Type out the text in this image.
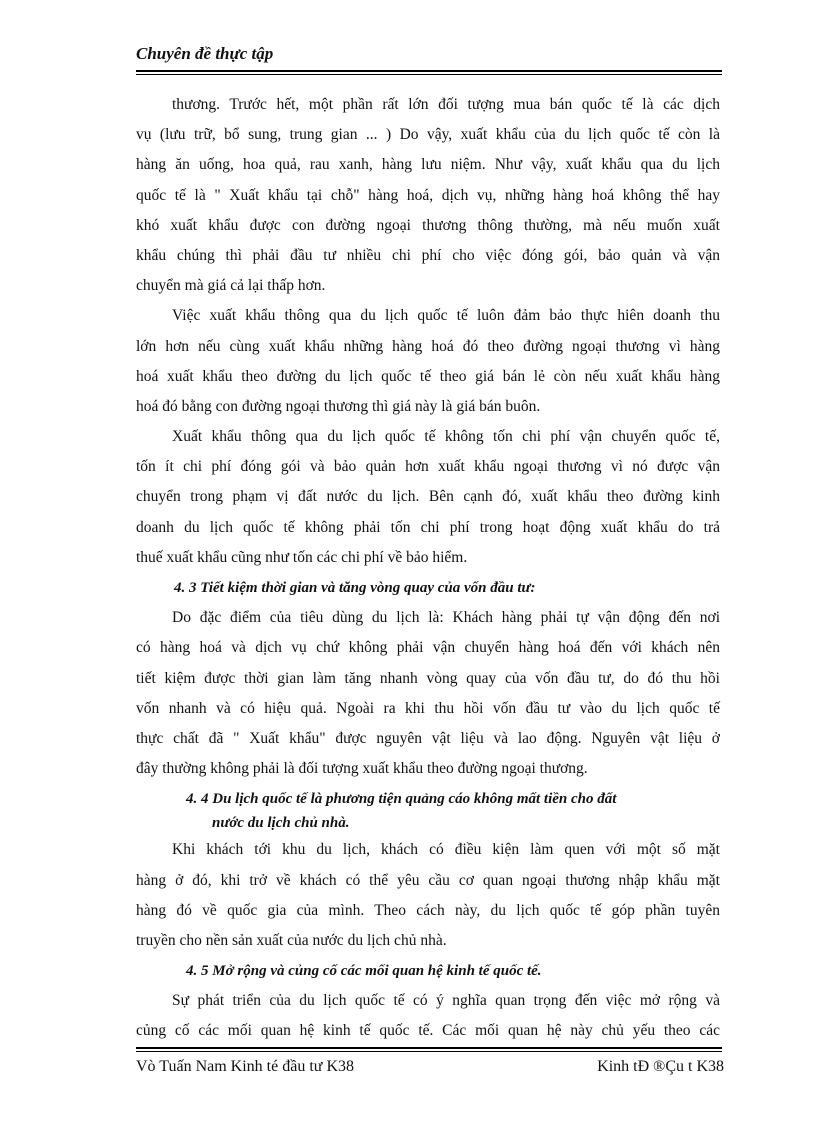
Chuyên đề thực tập
thương. Trước hết, một phần rất lớn đối tượng mua bán quốc tế là các dịch
vụ (lưu trữ, bổ sung, trung gian ... ) Do vậy, xuất khẩu của du lịch quốc tế còn là
hàng ăn uống, hoa quả, rau xanh, hàng lưu niệm. Như vậy, xuất khẩu qua du lịch
quốc tế là " Xuất khẩu tại chỗ" hàng hoá, dịch vụ, những hàng hoá không thể hay
khó xuất khẩu được con đường ngoại thương thông thường, mà nếu muốn xuất
khẩu chúng thì phải đầu tư nhiều chi phí cho việc đóng gói, bảo quản và vận
chuyển mà giá cả lại thấp hơn.
Việc xuất khẩu thông qua du lịch quốc tế luôn đảm bảo thực hiên doanh thu
lớn hơn nếu cùng xuất khẩu những hàng hoá đó theo đường ngoại thương vì hàng
hoá xuất khẩu theo đường du lịch quốc tế theo giá bán lẻ còn nếu xuất khẩu hàng
hoá đó bằng con đường ngoại thương thì giá này là giá bán buôn.
Xuất khẩu thông qua du lịch quốc tế không tốn chi phí vận chuyển quốc tế,
tốn ít chi phí đóng gói và bảo quản hơn xuất khẩu ngoại thương vì nó được vận
chuyển trong phạm vị đất nước du lịch. Bên cạnh đó, xuất khẩu theo đường kinh
doanh du lịch quốc tế không phải tốn chi phí trong hoạt động xuất khẩu do trả
thuế xuất khẩu cũng như tốn các chi phí về bảo hiểm.
4. 3 Tiết kiệm thời gian và tăng vòng quay của vốn đầu tư:
Do đặc điểm của tiêu dùng du lịch là: Khách hàng phải tự vận động đến nơi
có hàng hoá và dịch vụ chứ không phải vận chuyển hàng hoá đến với khách nên
tiết kiệm được thời gian làm tăng nhanh vòng quay của vốn đầu tư, do đó thu hồi
vốn nhanh và có hiệu quả. Ngoài ra khi thu hồi vốn đầu tư vào du lịch quốc tế
thực chất đã " Xuất khẩu" được nguyên vật liệu và lao động. Nguyên vật liệu ở
đây thường không phải là đối tượng xuất khẩu theo đường ngoại thương.
4. 4 Du lịch quốc tế là phương tiện quảng cáo không mất tiền cho đất
nước du lịch chủ nhà.
Khi khách tới khu du lịch, khách có điều kiện làm quen với một số mặt
hàng ở đó, khi trở về khách có thể yêu cầu cơ quan ngoại thương nhập khẩu mặt
hàng đó về quốc gia của mình. Theo cách này, du lịch quốc tế góp phần tuyên
truyền cho nền sản xuất của nước du lịch chủ nhà.
4. 5 Mở rộng và củng cố các mối quan hệ kinh tế quốc tế.
Sự phát triển của du lịch quốc tế có ý nghĩa quan trọng đến việc mở rộng và
củng cố các mối quan hệ kinh tế quốc tế. Các mối quan hệ này chủ yếu theo các
Vò Tuấn Nam Kinh té đầu tư K38	Kinh tÐ ®Çu t K38
